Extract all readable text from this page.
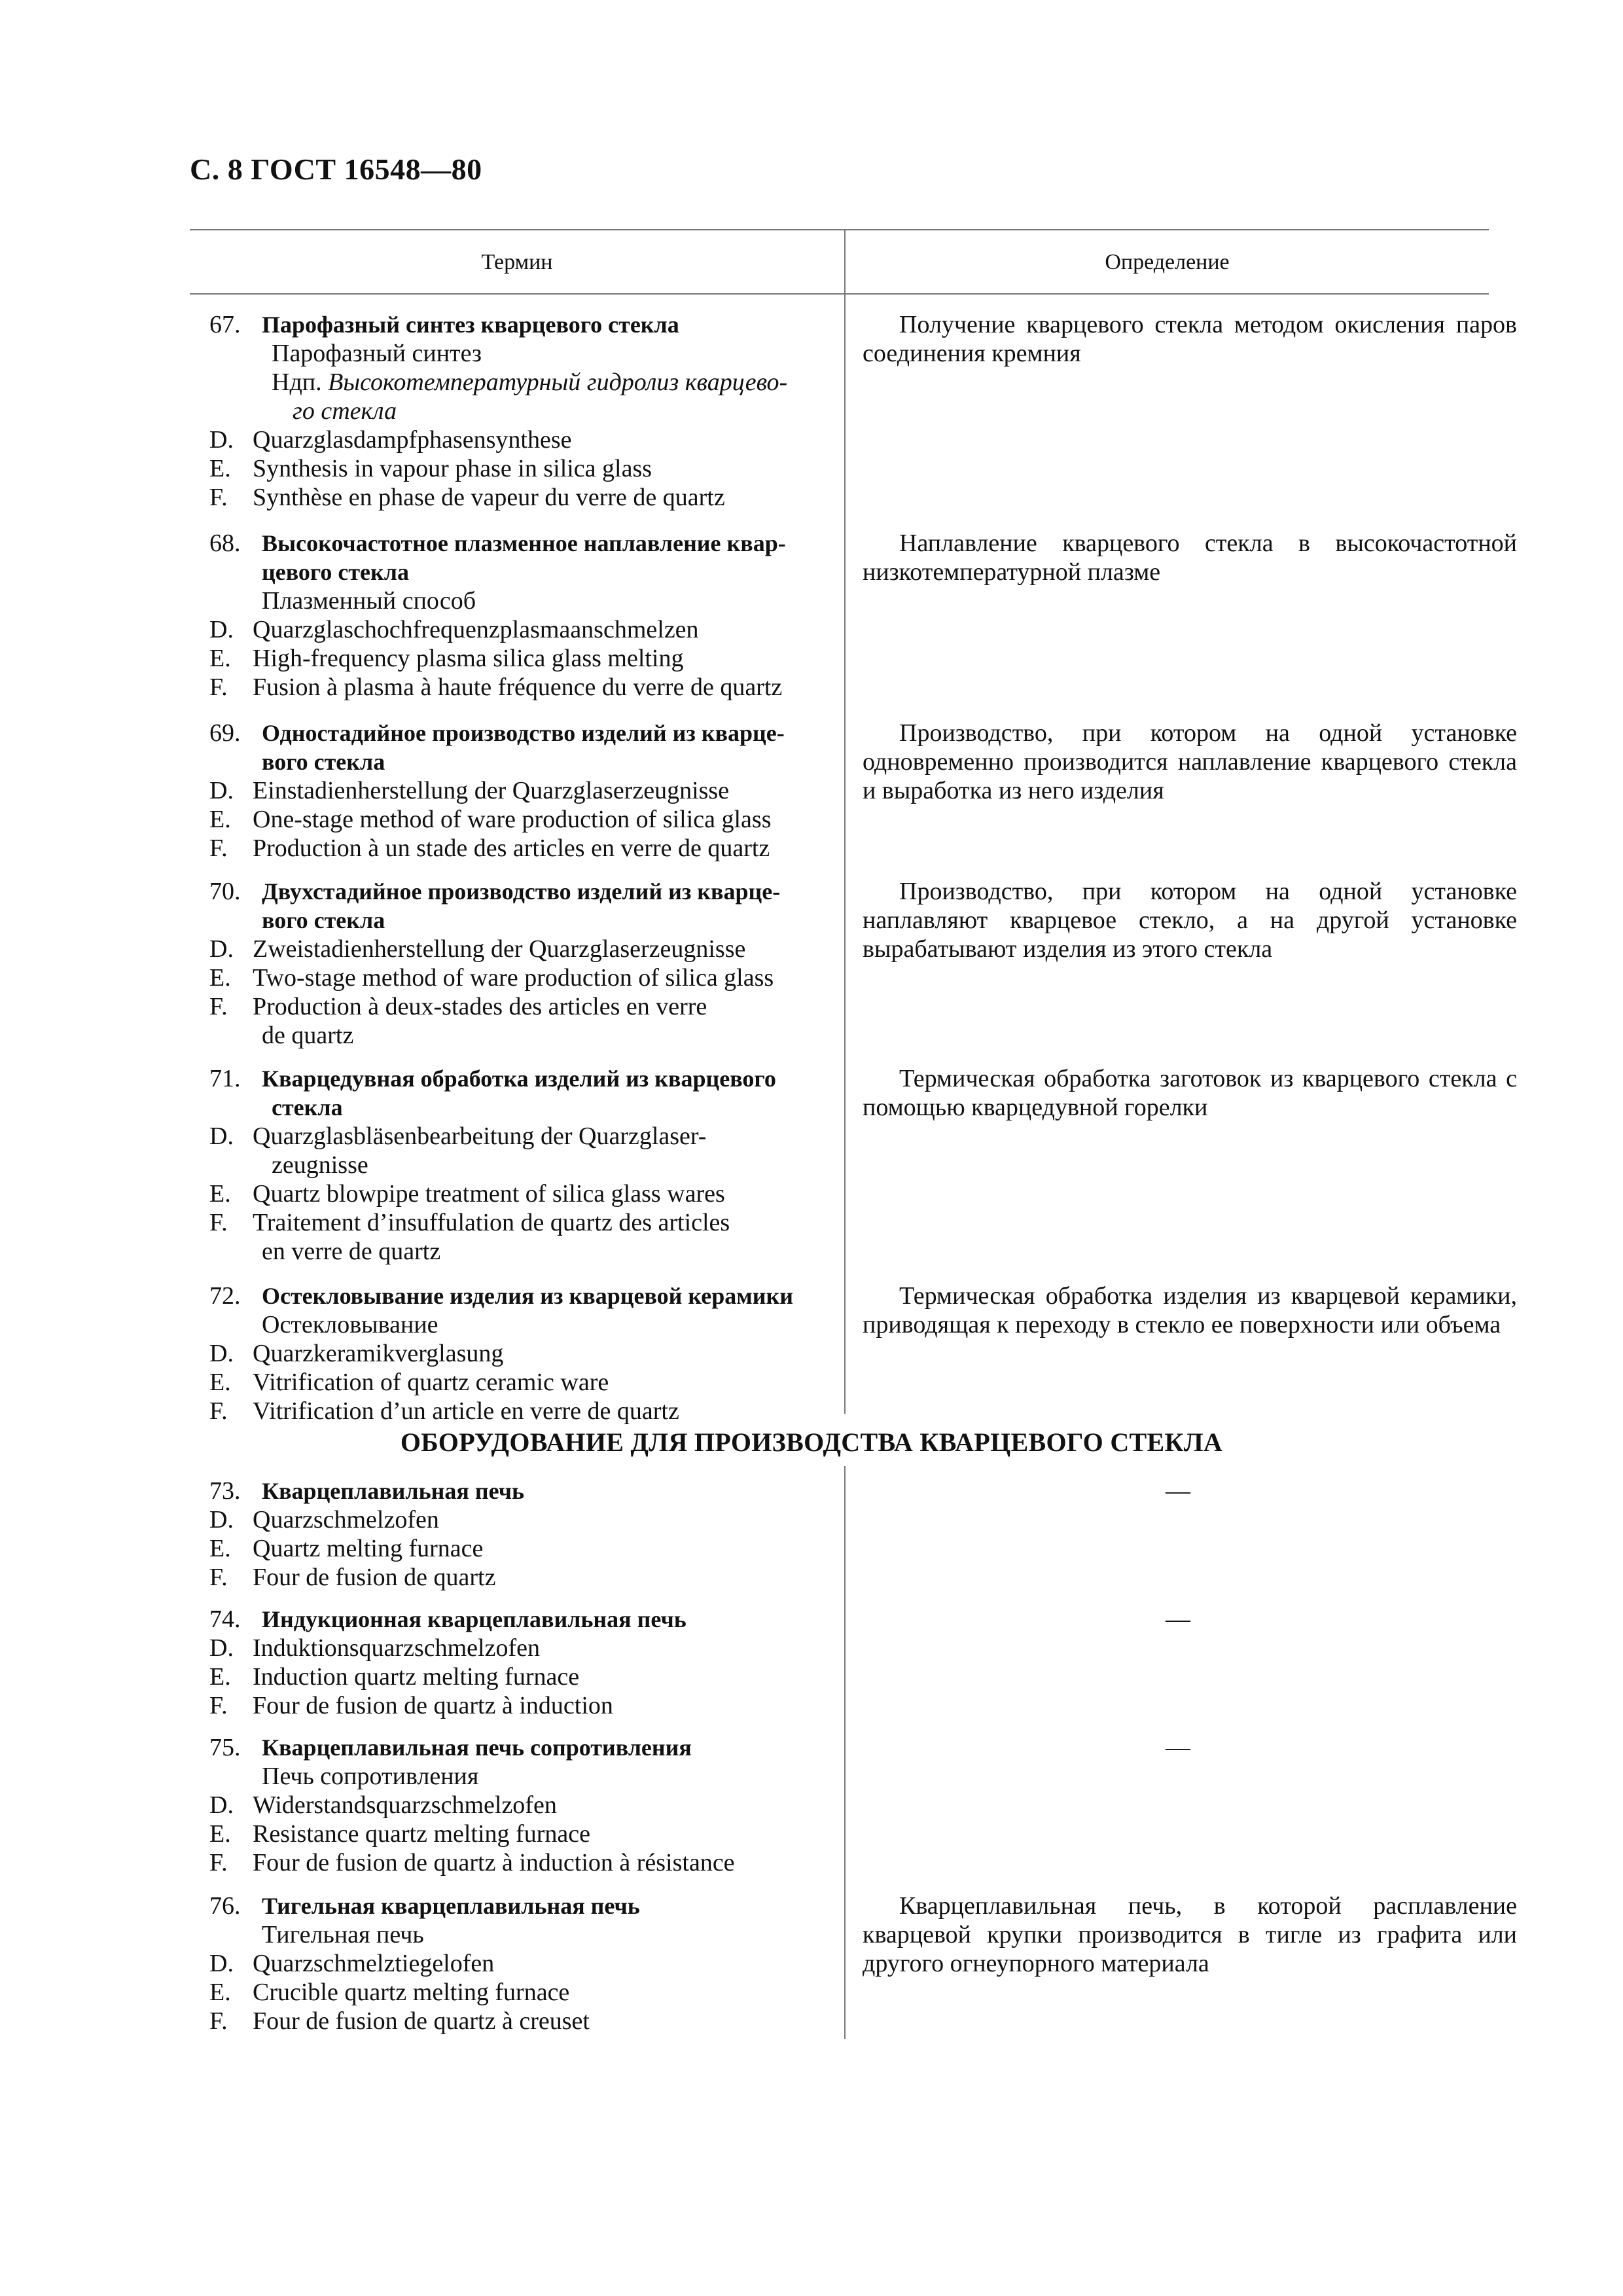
С. 8 ГОСТ 16548—80
Термин	Определение
67. Парофазный синтез кварцевого стекла
Парофазный синтез
Ндп. Высокотемпературный гидролиз кварцево-
го стекла
D. Quarzglasdampfphasensynthese
E. Synthesis in vapour phase in silica glass
F. Synthèse en phase de vapeur du verre de quartz
Получение кварцевого стекла методом окисления паров соединения кремния
68. Высокочастотное плазменное наплавление квар-
цевого стекла
Плазменный способ
D. Quarzglaschochfrequenzplasmaanschmelzen
E. High-frequency plasma silica glass melting
F. Fusion à plasma à haute fréquence du verre de quartz
Наплавление кварцевого стекла в высокочастотной низкотемпературной плазме
69. Одностадийное производство изделий из кварце-
вого стекла
D. Einstadienherstellung der Quarzglaserzeugnisse
E. One-stage method of ware production of silica glass
F. Production à un stade des articles en verre de quartz
Производство, при котором на одной установке одновременно производится наплавление кварцевого стекла и выработка из него изделия
70. Двухстадийное производство изделий из кварце-
вого стекла
D. Zweistadienherstellung der Quarzglaserzeugnisse
E. Two-stage method of ware production of silica glass
F. Production à deux-stades des articles en verre
de quartz
Производство, при котором на одной установке наплавляют кварцевое стекло, а на другой установке вырабатывают изделия из этого стекла
71. Кварцедувная обработка изделий из кварцевого
стекла
D. Quarzglasbläsenbearbeitung der Quarzglaser-
zeugnisse
E. Quartz blowpipe treatment of silica glass wares
F. Traitement d’insuffulation de quartz des articles
en verre de quartz
Термическая обработка заготовок из кварцевого стекла с помощью кварцедувной горелки
72. Остекловывание изделия из кварцевой керамики
Остекловывание
D. Quarzkeramikverglasung
E. Vitrification of quartz ceramic ware
F. Vitrification d’un article en verre de quartz
Термическая обработка изделия из кварцевой керамики, приводящая к переходу в стекло ее поверхности или объема
ОБОРУДОВАНИЕ ДЛЯ ПРОИЗВОДСТВА КВАРЦЕВОГО СТЕКЛА
73. Кварцеплавильная печь
D. Quarzschmelzofen
E. Quartz melting furnace
F. Four de fusion de quartz
—
74. Индукционная кварцеплавильная печь
D. Induktionsquarzschmelzofen
E. Induction quartz melting furnace
F. Four de fusion de quartz à induction
—
75. Кварцеплавильная печь сопротивления
Печь сопротивления
D. Widerstandsquarzschmelzofen
E. Resistance quartz melting furnace
F. Four de fusion de quartz à induction à résistance
—
76. Тигельная кварцеплавильная печь
Тигельная печь
D. Quarzschmelztiegelofen
E. Crucible quartz melting furnace
F. Four de fusion de quartz à creuset
Кварцеплавильная печь, в которой расплавление кварцевой крупки производится в тигле из графита или другого огнеупорного материала
